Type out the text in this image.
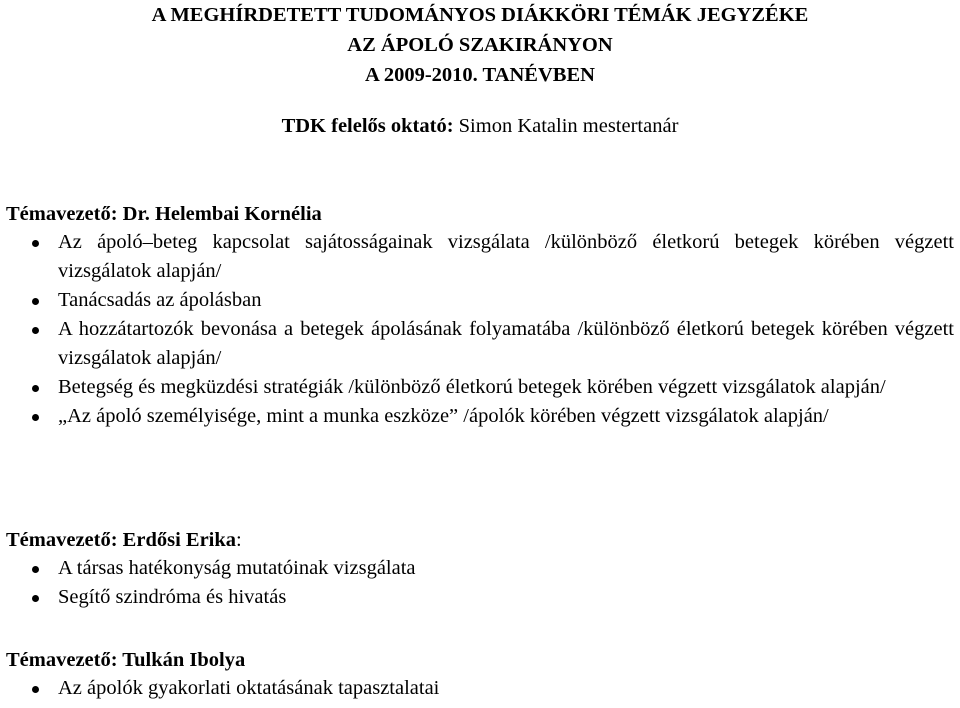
A MEGHÍRDETETT TUDOMÁNYOS DIÁKKÖRI TÉMÁK JEGYZÉKE
AZ ÁPOLÓ SZAKIRÁNYON
A 2009-2010. TANÉVBEN
TDK felelős oktató: Simon Katalin mestertanár
Témavezető: Dr. Helembai Kornélia
Az ápoló–beteg kapcsolat sajátosságainak vizsgálata /különböző életkorú betegek körében végzett vizsgálatok alapján/
Tanácsadás az ápolásban
A hozzátartozók bevonása a betegek ápolásának folyamatába /különböző életkorú betegek körében végzett vizsgálatok alapján/
Betegség és megküzdési stratégiák /különböző életkorú betegek körében végzett vizsgálatok alapján/
„Az ápoló személyisége, mint a munka eszköze” /ápolók körében végzett vizsgálatok alapján/
Témavezető: Erdősi Erika:
A társas hatékonyság mutatóinak vizsgálata
Segítő szindróma és hivatás
Témavezető: Tulkán Ibolya
Az ápolók gyakorlati oktatásának tapasztalatai
